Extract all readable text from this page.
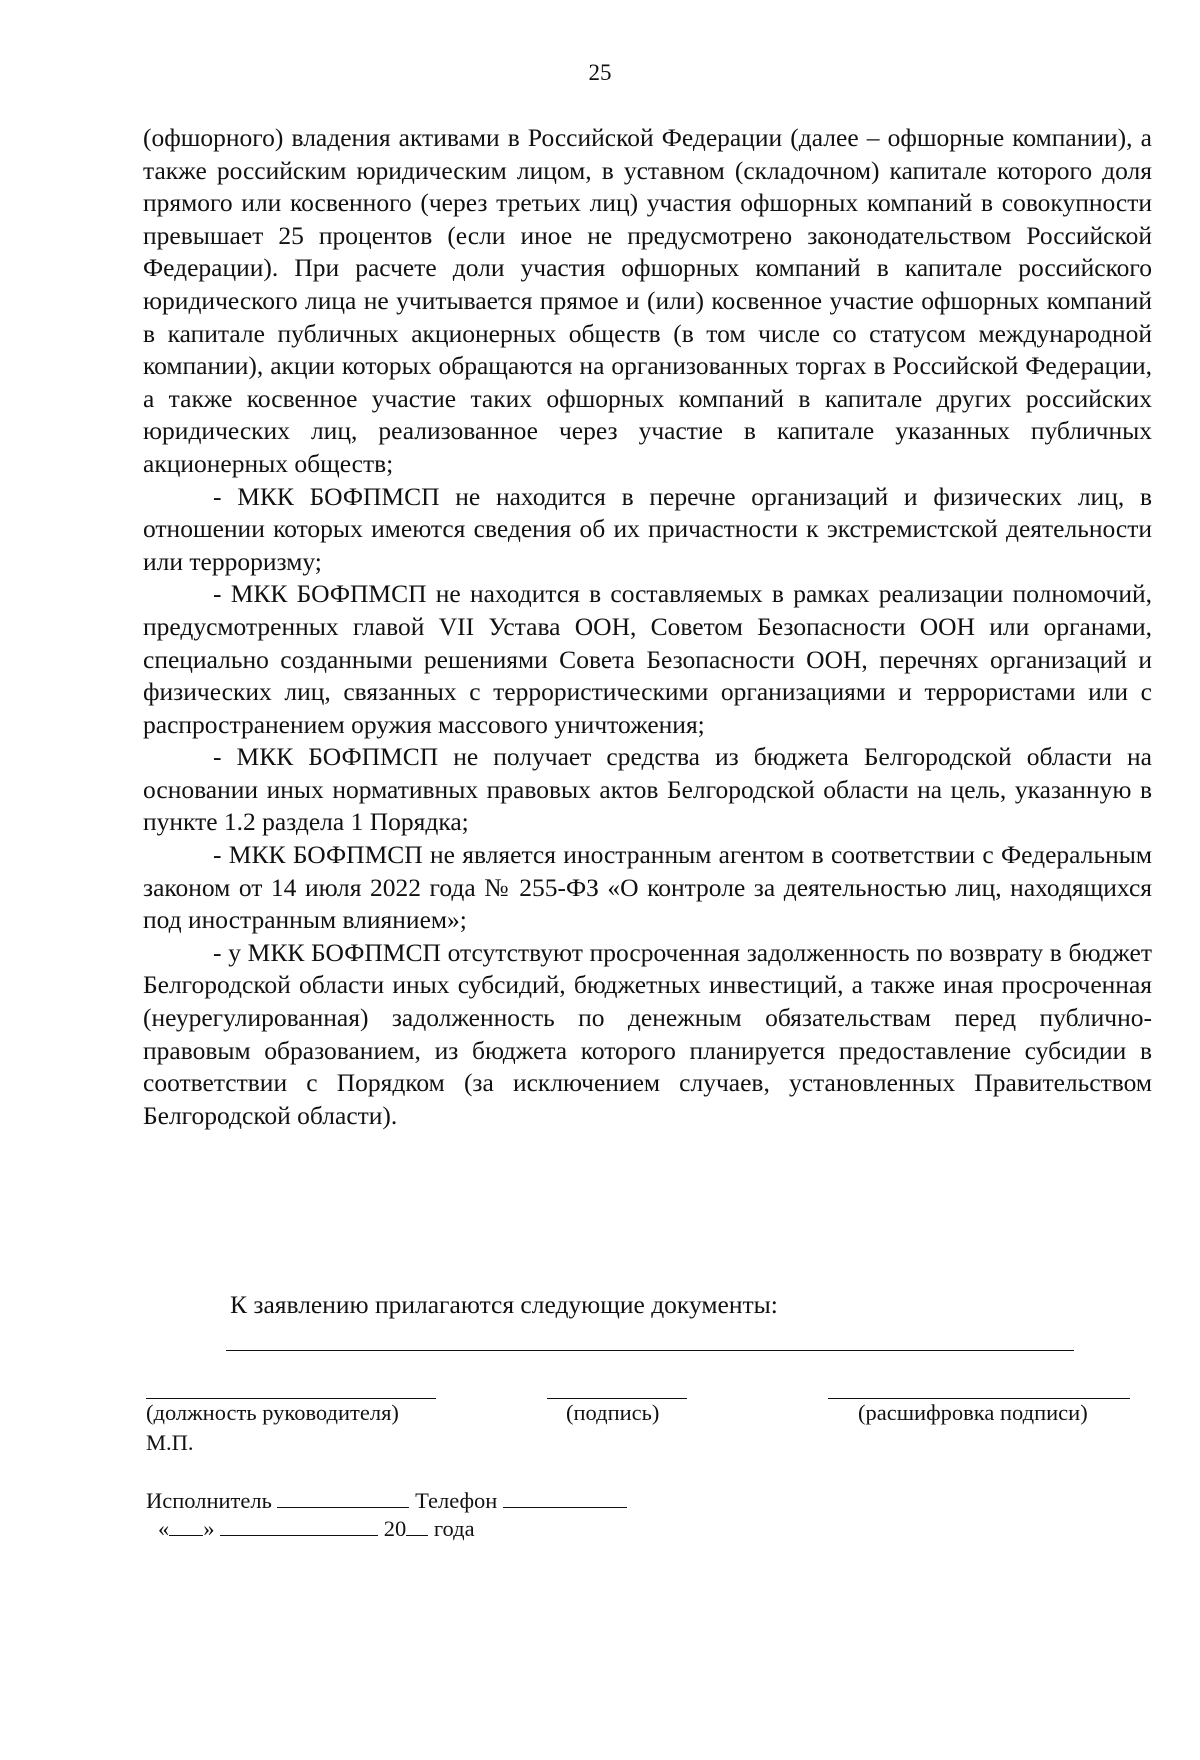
25

(офшорного) владения активами в Российской Федерации (далее – офшорные компании), а также российским юридическим лицом, в уставном (складочном) капитале которого доля прямого или косвенного (через третьих лиц) участия офшорных компаний в совокупности превышает 25 процентов (если иное не предусмотрено законодательством Российской Федерации). При расчете доли участия офшорных компаний в капитале российского юридического лица не учитывается прямое и (или) косвенное участие офшорных компаний в капитале публичных акционерных обществ (в том числе со статусом международной компании), акции которых обращаются на организованных торгах в Российской Федерации, а также косвенное участие таких офшорных компаний в капитале других российских юридических лиц, реализованное через участие в капитале указанных публичных акционерных обществ;

- МКК БОФПМСП не находится в перечне организаций и физических лиц, в отношении которых имеются сведения об их причастности к экстремистской деятельности или терроризму;

- МКК БОФПМСП не находится в составляемых в рамках реализации полномочий, предусмотренных главой VII Устава ООН, Советом Безопасности ООН или органами, специально созданными решениями Совета Безопасности ООН, перечнях организаций и физических лиц, связанных с террористическими организациями и террористами или с распространением оружия массового уничтожения;

- МКК БОФПМСП не получает средства из бюджета Белгородской области на основании иных нормативных правовых актов Белгородской области на цель, указанную в пункте 1.2 раздела 1 Порядка;

- МКК БОФПМСП не является иностранным агентом в соответствии с Федеральным законом от 14 июля 2022 года № 255-ФЗ «О контроле за деятельностью лиц, находящихся под иностранным влиянием»;

- у МКК БОФПМСП отсутствуют просроченная задолженность по возврату в бюджет Белгородской области иных субсидий, бюджетных инвестиций, а также иная просроченная (неурегулированная) задолженность по денежным обязательствам перед публично-правовым образованием, из бюджета которого планируется предоставление субсидии в соответствии с Порядком (за исключением случаев, установленных Правительством Белгородской области).

К заявлению прилагаются следующие документы:
(должность руководителя)	(подпись)	(расшифровка подписи)
М.П.
Исполнитель	Телефон
« »	20 года
